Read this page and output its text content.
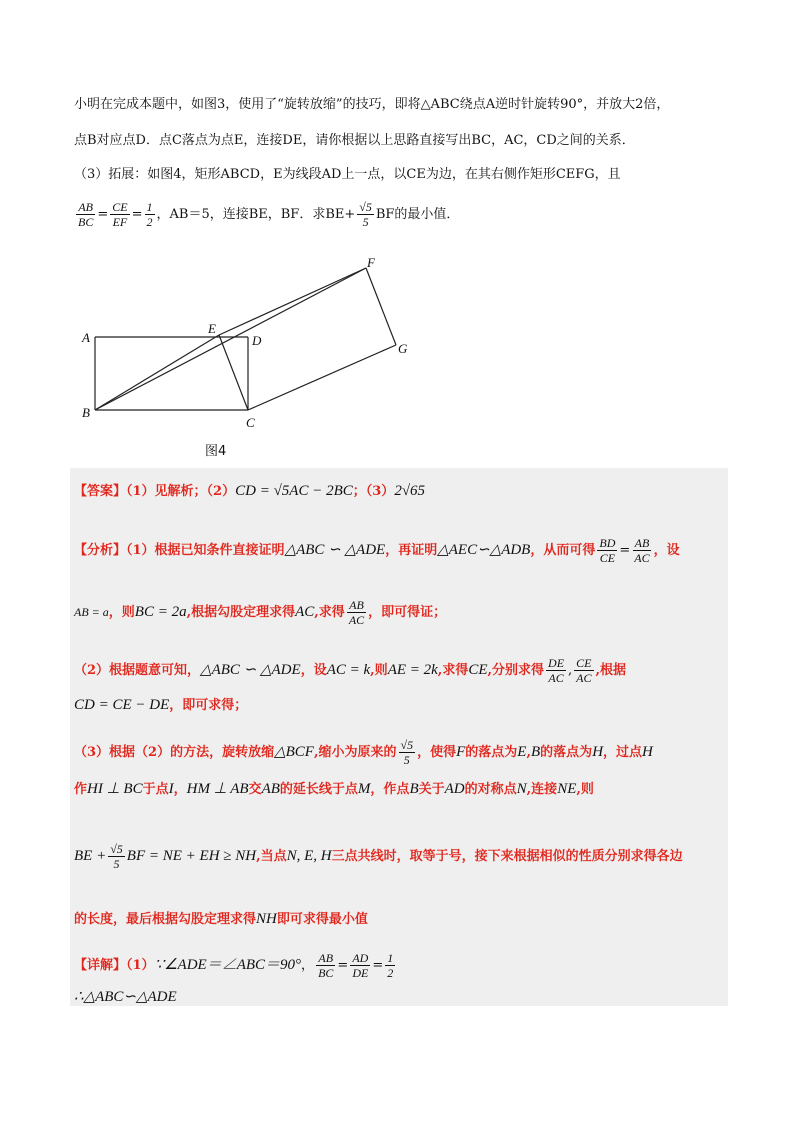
小明在完成本题中，如图3，使用了“旋转放缩”的技巧，即将△ABC绕点A逆时针旋转90°，并放大2倍，
点B对应点D．点C落点为点E，连接DE，请你根据以上思路直接写出BC，AC，CD之间的关系．
（3）拓展：如图4，矩形ABCD，E为线段AD上一点，以CE为边，在其右侧作矩形CEFG，且
$\frac{AB}{BC} = \frac{CE}{EF} = \frac{1}{2}$ ，AB＝5，连接BE，BF．求$BE+ \frac{√5}{5}$ BF的最小值．
A
B
C
D
E
F
G
图4
【答案】（1）见解析；（2）CD = √5AC − 2BC；（3）2√65
【分析】（1）根据已知条件直接证明△ABC ∽ △ADE，再证明△AEC∽△ADB，从而可得 $\frac{BD}{CE} = \frac{AB}{AC}$ ，设
AB = a，则BC = 2a,根据勾股定理求得AC,求得 $\frac{AB}{AC}$ ，即可得证；
（2）根据题意可知，△ABC ∽ △ADE，设AC = k,则AE = 2k,求得CE,分别求得 $\frac{DE}{AC}$ , $\frac{CE}{AC}$ ,根据
CD = CE − DE，即可求得；
（3）根据（2）的方法，旋转放缩△BCF,缩小为原来的 $\frac{√5}{5}$ ，使得F的落点为E,B的落点为H，过点H
作HI ⊥ BC于点I，HM ⊥ AB交AB的延长线于点M，作点B关于AD的对称点N,连接NE,则
BE + $\frac{√5}{5}$ BF = NE + EH ≥ NH,当点N, E, H三点共线时，取等于号，接下来根据相似的性质分别求得各边
的长度，最后根据勾股定理求得NH即可求得最小值
【详解】（1）∵∠ADE＝∠ABC＝90°， $\frac{AB}{BC} = \frac{AD}{DE} = \frac{1}{2}$
∴△ABC∽△ADE
